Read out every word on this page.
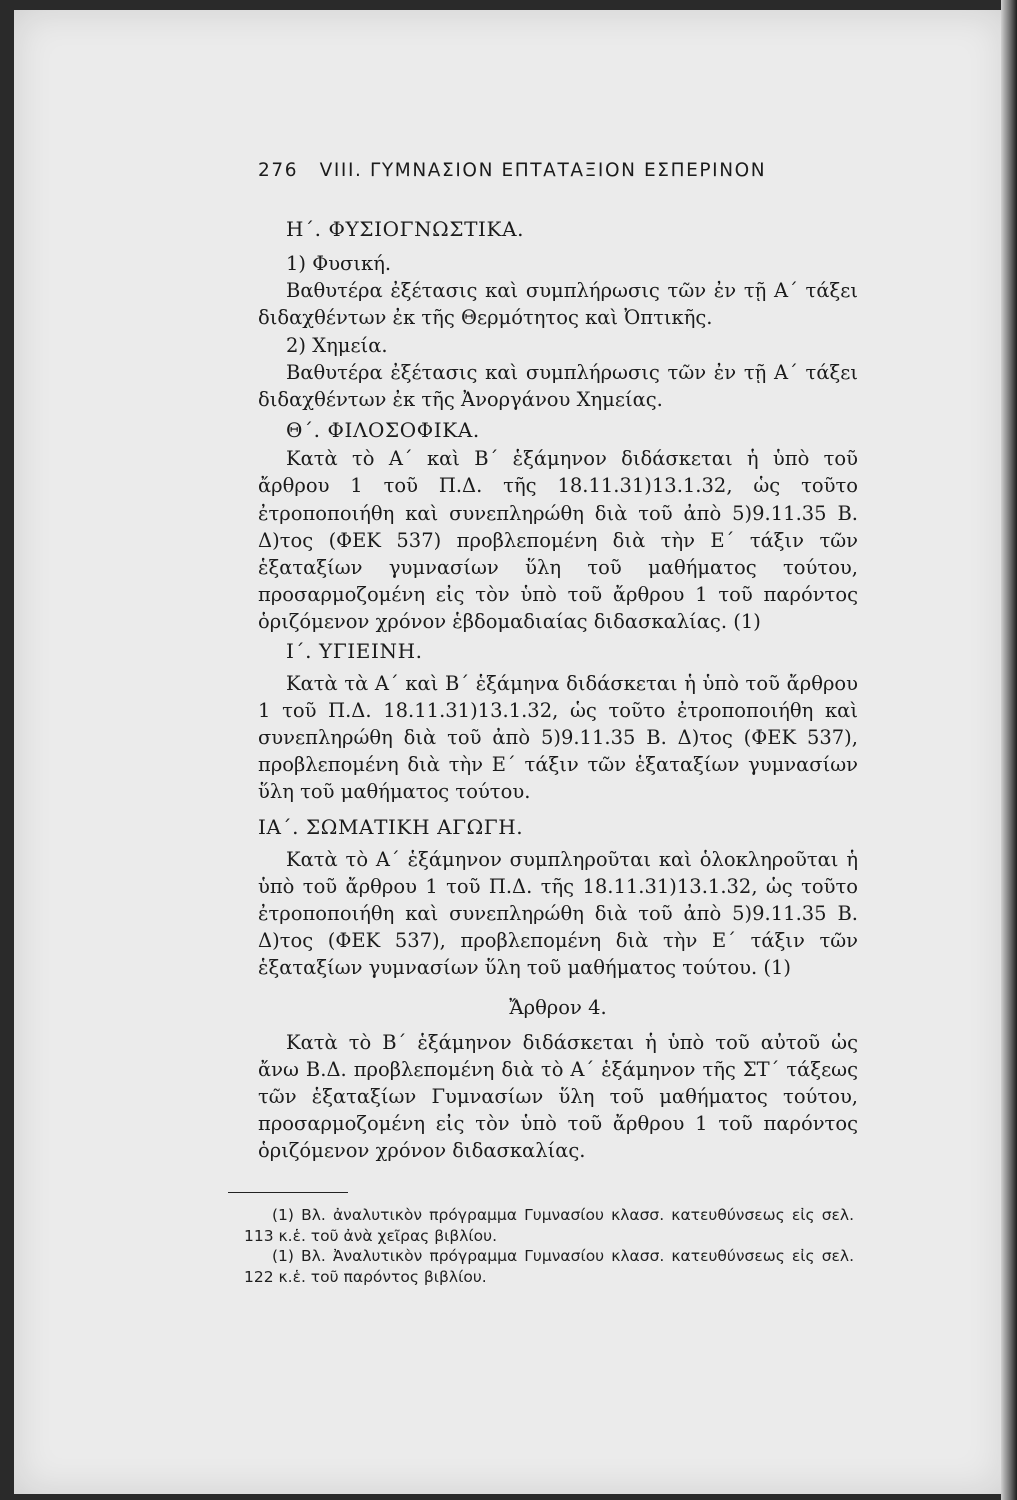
276 VIII. ΓΥΜΝΑΣΙΟΝ ΕΠΤΑΤΑΞΙΟΝ ΕΣΠΕΡΙΝΟΝ
Η΄. ΦΥΣΙΟΓΝΩΣΤΙΚΑ.
1) Φυσική.

Βαθυτέρα ἐξέτασις καὶ συμπλήρωσις τῶν ἐν τῇ Α΄ τάξει διδαχθέντων ἐκ τῆς Θερμότητος καὶ Ὀπτικῆς.

2) Χημεία.

Βαθυτέρα ἐξέτασις καὶ συμπλήρωσις τῶν ἐν τῇ Α΄ τάξει διδαχθέντων ἐκ τῆς Ἀνοργάνου Χημείας.

Θ΄. ΦΙΛΟΣΟΦΙΚΑ.

Κατὰ τὸ Α΄ καὶ Β΄ ἑξάμηνον διδάσκεται ἡ ὑπὸ τοῦ ἄρθρου 1 τοῦ Π.Δ. τῆς 18.11.31)13.1.32, ὡς τοῦτο ἐτροποποιήθη καὶ συνεπληρώθη διὰ τοῦ ἀπὸ 5)9.11.35 Β. Δ)τος (ΦΕΚ 537) προβλεπομένη διὰ τὴν Ε΄ τάξιν τῶν ἑξαταξίων γυμνασίων ὕλη τοῦ μαθήματος τούτου, προσαρμοζομένη εἰς τὸν ὑπὸ τοῦ ἄρθρου 1 τοῦ παρόντος ὁριζόμενον χρόνον ἑβδομαδιαίας διδασκαλίας. (1)

Ι΄. ΥΓΙΕΙΝΗ.

Κατὰ τὰ Α΄ καὶ Β΄ ἑξάμηνα διδάσκεται ἡ ὑπὸ τοῦ ἄρθρου 1 τοῦ Π.Δ. 18.11.31)13.1.32, ὡς τοῦτο ἐτροποποιήθη καὶ συνεπληρώθη διὰ τοῦ ἀπὸ 5)9.11.35 Β. Δ)τος (ΦΕΚ 537), προβλεπομένη διὰ τὴν Ε΄ τάξιν τῶν ἑξαταξίων γυμνασίων ὕλη τοῦ μαθήματος τούτου.

ΙΑ΄. ΣΩΜΑΤΙΚΗ ΑΓΩΓΗ.

Κατὰ τὸ Α΄ ἑξάμηνον συμπληροῦται καὶ ὁλοκληροῦται ἡ ὑπὸ τοῦ ἄρθρου 1 τοῦ Π.Δ. τῆς 18.11.31)13.1.32, ὡς τοῦτο ἐτροποποιήθη καὶ συνεπληρώθη διὰ τοῦ ἀπὸ 5)9.11.35 Β. Δ)τος (ΦΕΚ 537), προβλεπομένη διὰ τὴν Ε΄ τάξιν τῶν ἑξαταξίων γυμνασίων ὕλη τοῦ μαθήματος τούτου. (1)

Ἄρθρον 4.

Κατὰ τὸ Β΄ ἑξάμηνον διδάσκεται ἡ ὑπὸ τοῦ αὐτοῦ ὡς ἄνω Β.Δ. προβλεπομένη διὰ τὸ Α΄ ἑξάμηνον τῆς ΣΤ΄ τάξεως τῶν ἑξαταξίων Γυμνασίων ὕλη τοῦ μαθήματος τούτου, προσαρμοζομένη εἰς τὸν ὑπὸ τοῦ ἄρθρου 1 τοῦ παρόντος ὁριζόμενον χρόνον διδασκαλίας.

(1) Βλ. ἀναλυτικὸν πρόγραμμα Γυμνασίου κλασσ. κατευθύνσεως εἰς σελ. 113 κ.ἑ. τοῦ ἀνὰ χεῖρας βιβλίου.

(1) Βλ. Ἀναλυτικὸν πρόγραμμα Γυμνασίου κλασσ. κατευθύνσεως εἰς σελ. 122 κ.ἑ. τοῦ παρόντος βιβλίου.
